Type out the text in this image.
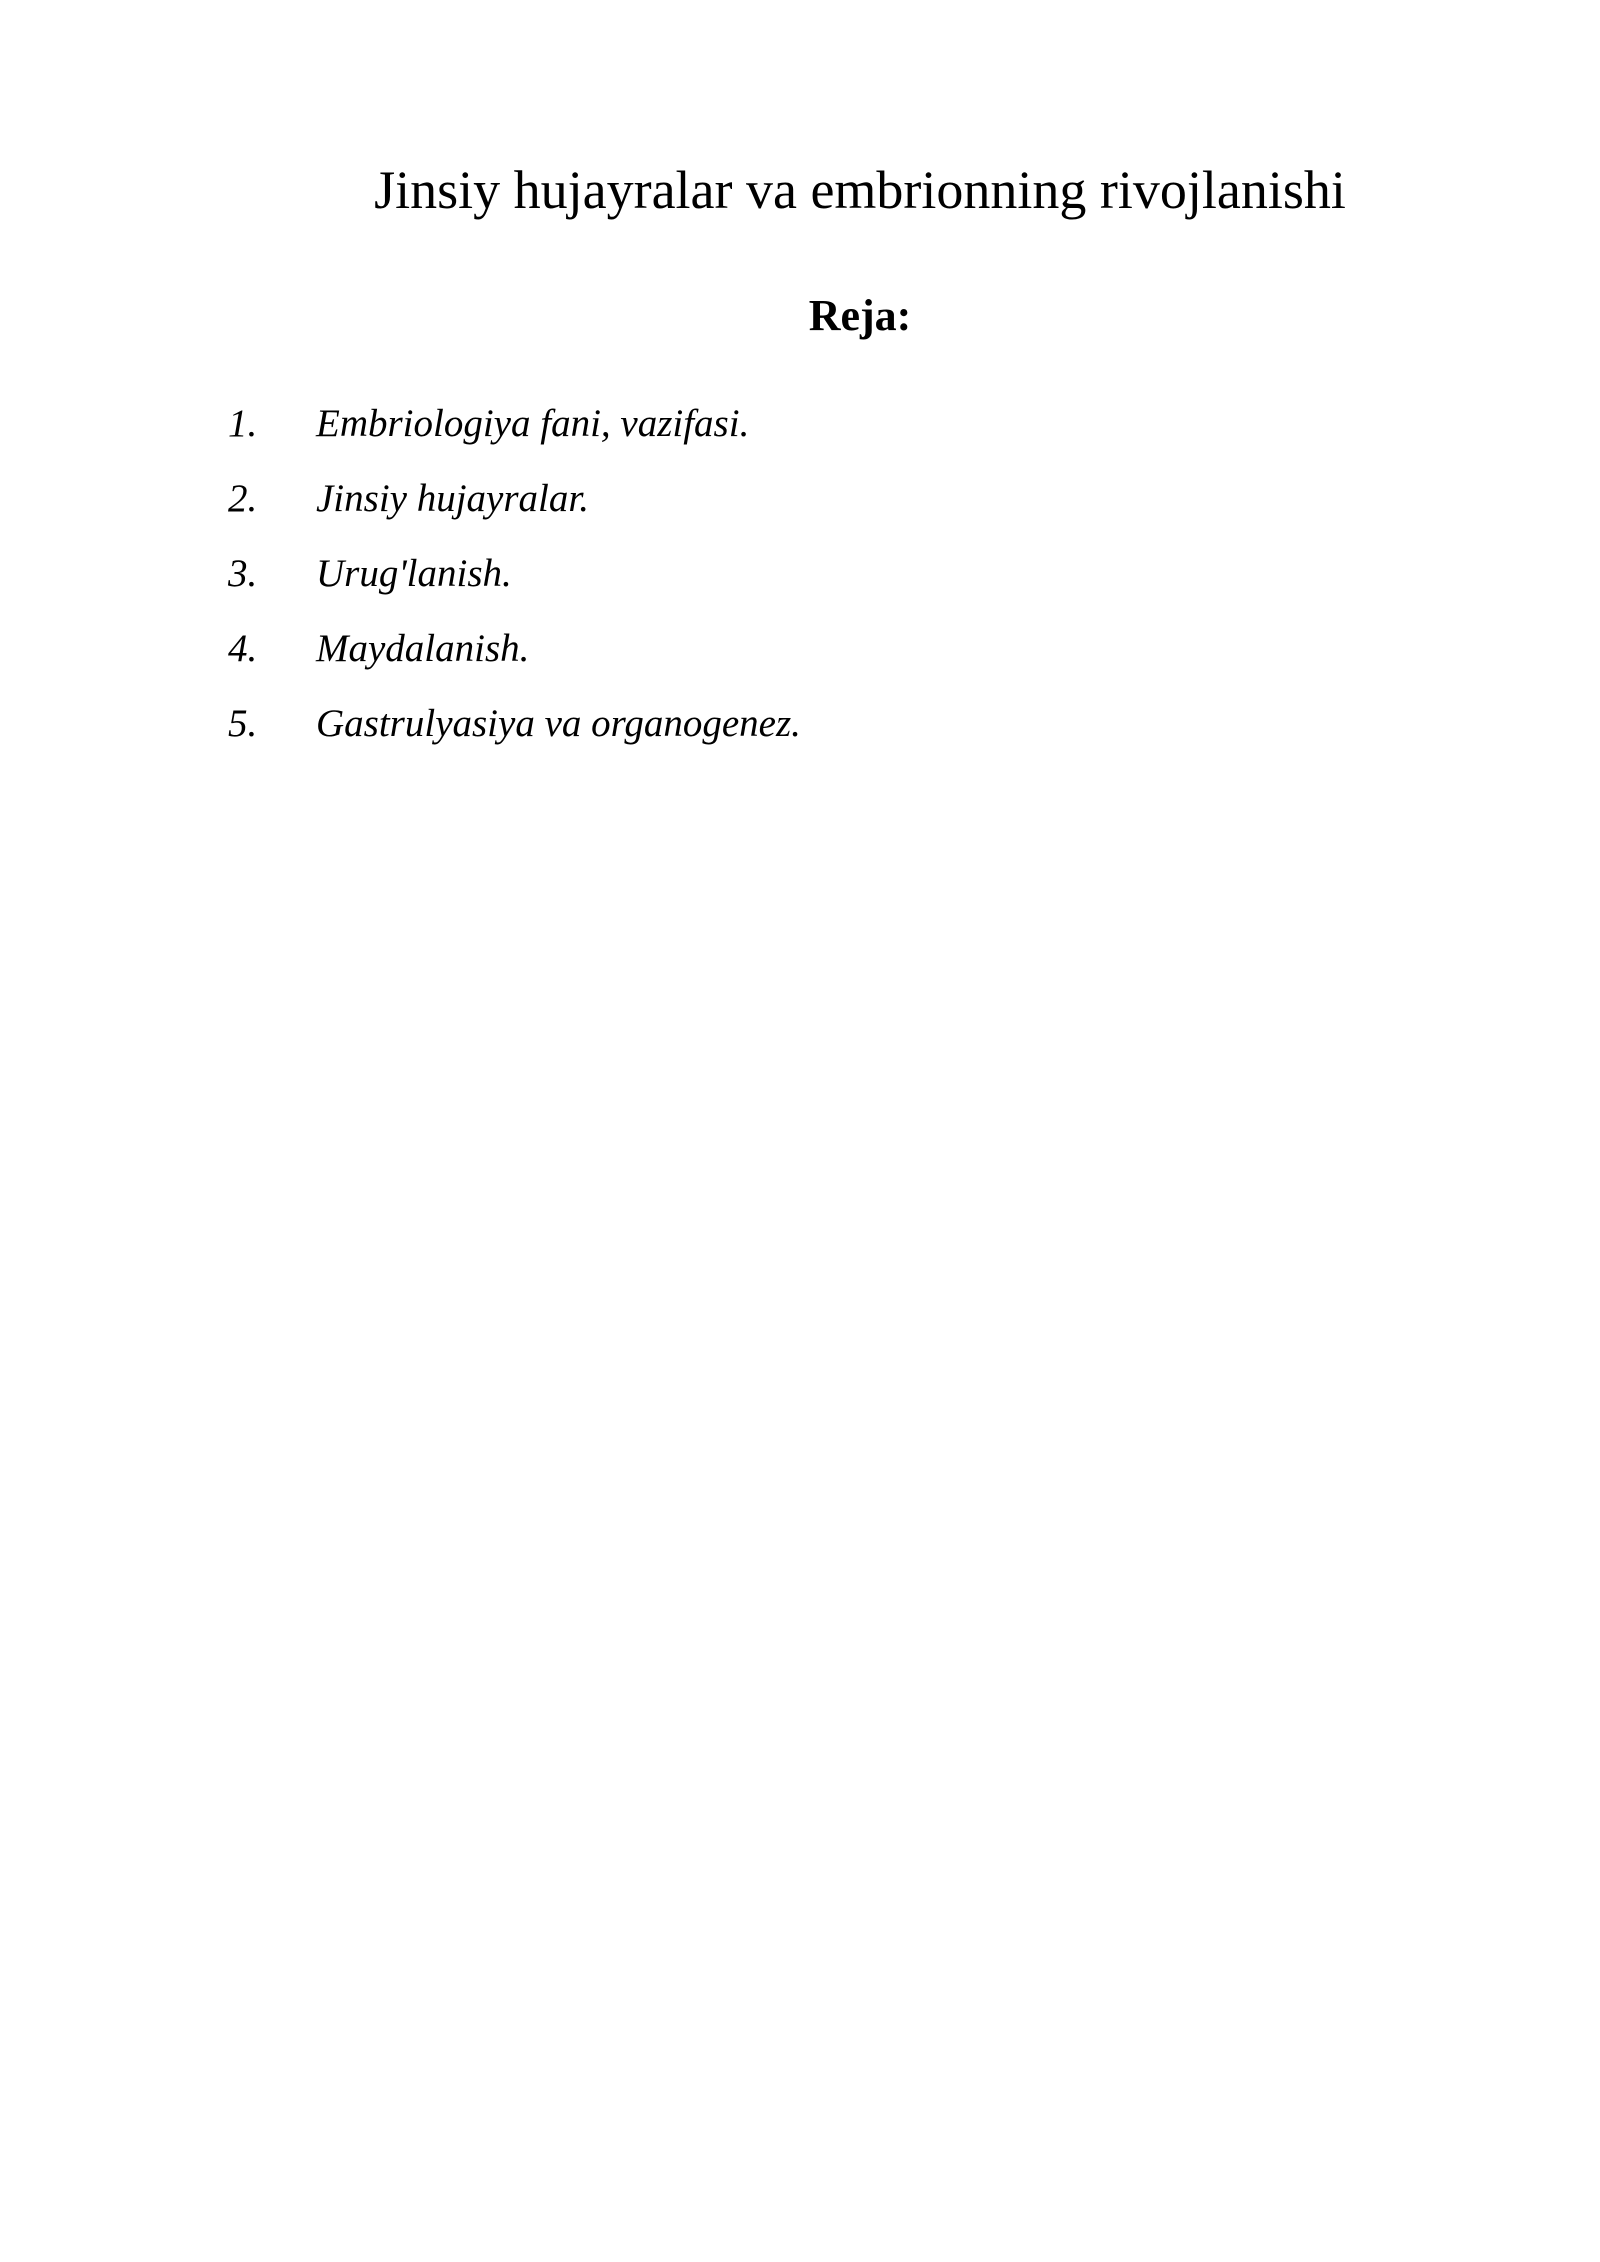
Jinsiy hujayralar va embrionning rivojlanishi
Reja:
1. Embriologiya fani, vazifasi.
2. Jinsiy hujayralar.
3. Urug'lanish.
4. Maydalanish.
5. Gastrulyasiya va organogenez.
